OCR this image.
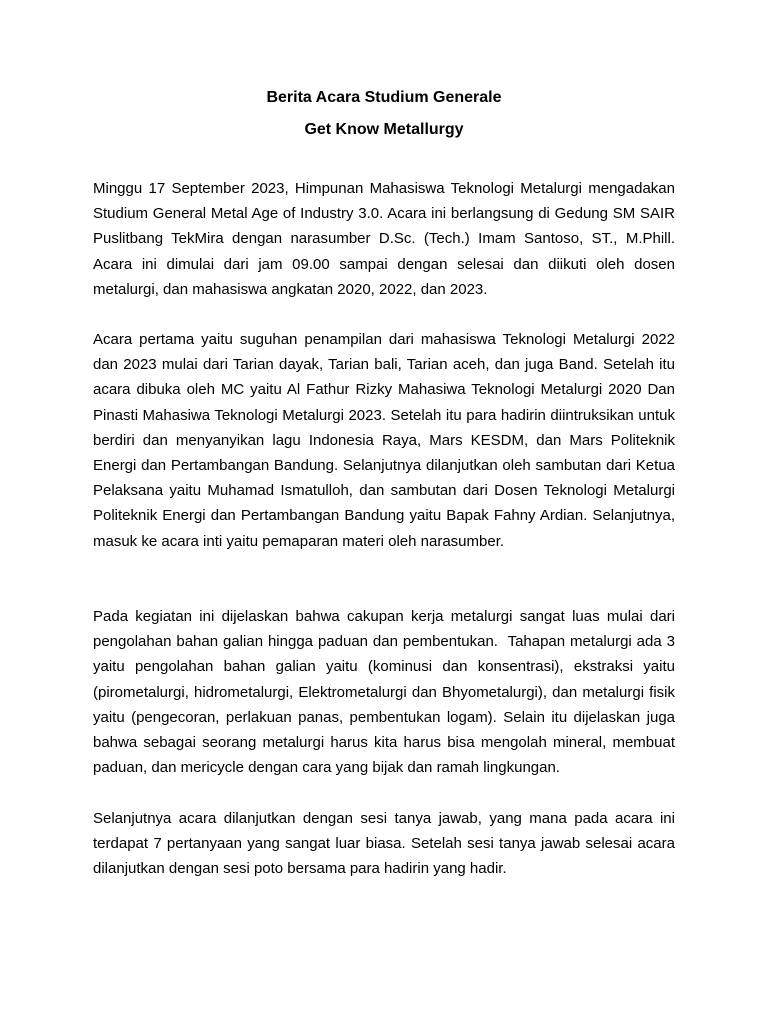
Berita Acara Studium Generale
Get Know Metallurgy

Minggu 17 September 2023, Himpunan Mahasiswa Teknologi Metalurgi mengadakan Studium General Metal Age of Industry 3.0. Acara ini berlangsung di Gedung SM SAIR Puslitbang TekMira dengan narasumber D.Sc. (Tech.) Imam Santoso, ST., M.Phill.  Acara ini dimulai dari jam 09.00 sampai dengan selesai dan diikuti oleh dosen metalurgi, dan mahasiswa angkatan 2020, 2022, dan 2023.

Acara pertama yaitu suguhan penampilan dari mahasiswa Teknologi Metalurgi 2022 dan 2023 mulai dari Tarian dayak, Tarian bali, Tarian aceh, dan juga Band. Setelah itu acara dibuka oleh MC yaitu Al Fathur Rizky Mahasiwa Teknologi Metalurgi 2020 Dan Pinasti Mahasiwa Teknologi Metalurgi 2023. Setelah itu para hadirin diintruksikan untuk berdiri dan menyanyikan lagu Indonesia Raya, Mars KESDM, dan Mars Politeknik Energi dan Pertambangan Bandung. Selanjutnya dilanjutkan oleh sambutan dari Ketua Pelaksana yaitu Muhamad Ismatulloh, dan sambutan dari Dosen Teknologi Metalurgi Politeknik Energi dan Pertambangan Bandung yaitu Bapak Fahny Ardian. Selanjutnya, masuk ke acara inti yaitu pemaparan materi oleh narasumber.

Pada kegiatan ini dijelaskan bahwa cakupan kerja metalurgi sangat luas mulai dari pengolahan bahan galian hingga paduan dan pembentukan.  Tahapan metalurgi ada 3 yaitu pengolahan bahan galian yaitu (kominusi dan konsentrasi), ekstraksi yaitu (pirometalurgi, hidrometalurgi, Elektrometalurgi dan Bhyometalurgi), dan metalurgi fisik yaitu (pengecoran, perlakuan panas, pembentukan logam). Selain itu dijelaskan juga bahwa sebagai seorang metalurgi harus kita harus bisa mengolah mineral, membuat paduan, dan mericycle dengan cara yang bijak dan ramah lingkungan.

Selanjutnya acara dilanjutkan dengan sesi tanya jawab, yang mana pada acara ini terdapat 7 pertanyaan yang sangat luar biasa. Setelah sesi tanya jawab selesai acara dilanjutkan dengan sesi poto bersama para hadirin yang hadir.
